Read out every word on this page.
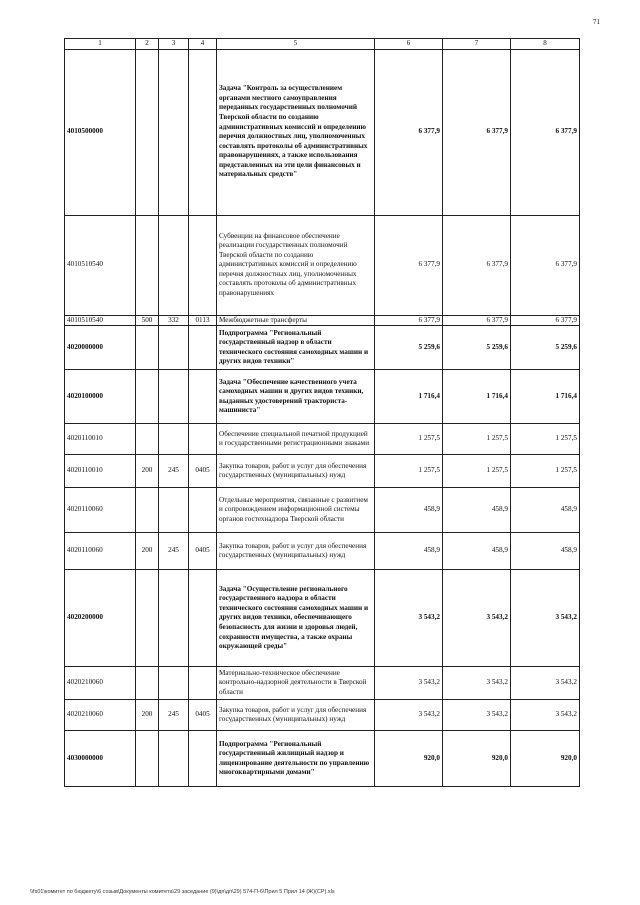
71
1	2	3	4	5	6	7	8
4010500000				Задача "Контроль за осуществлением органами местного самоуправления переданных государственных полномочий Тверской области по созданию административных комиссий и определению перечня должностных лиц, уполномоченных составлять протоколы об административных правонарушениях, а также использования представленных на эти цели финансовых и материальных средств"	6 377,9	6 377,9	6 377,9
4010510540				Субвенции на финансовое обеспечение реализации государственных полномочий Тверской области по созданию административных комиссий и определению перечня должностных лиц, уполномоченных составлять протоколы об административных правонарушениях	6 377,9	6 377,9	6 377,9
4010510540	500	332	0113	Межбюджетные трансферты	6 377,9	6 377,9	6 377,9
4020000000				Подпрограмма "Региональный государственный надзор в области технического состояния самоходных машин и других видов техники"	5 259,6	5 259,6	5 259,6
4020100000				Задача "Обеспечение качественного учета самоходных машин и других видов техники, выданных удостоверений тракториста-машиниста"	1 716,4	1 716,4	1 716,4
4020110010				Обеспечение специальной печатной продукцией и государственными регистрационными знаками	1 257,5	1 257,5	1 257,5
4020110010	200	245	0405	Закупка товаров, работ и услуг для обеспечения государственных (муниципальных) нужд	1 257,5	1 257,5	1 257,5
4020110060				Отдельные мероприятия, связанные с развитием и сопровождением информационной системы органов гостехнадзора Тверской области	458,9	458,9	458,9
4020110060	200	245	0405	Закупка товаров, работ и услуг для обеспечения государственных (муниципальных) нужд	458,9	458,9	458,9
4020200000				Задача "Осуществление регионального государственного надзора в области технического состояния самоходных машин и других видов техники, обеспечивающего безопасность для жизни и здоровья людей, сохранности имущества, а также охраны окружающей среды"	3 543,2	3 543,2	3 543,2
4020210060				Материально-техническое обеспечение контрольно-надзорной деятельности в Тверской области	3 543,2	3 543,2	3 543,2
4020210060	200	245	0405	Закупка товаров, работ и услуг для обеспечения государственных (муниципальных) нужд	3 543,2	3 543,2	3 543,2
4030000000				Подпрограмма "Региональный государственный жилищный надзор и лицензирование деятельности по управлению многоквартирными домами"	920,0	920,0	920,0
\\fs01\комитет по бюджету\6 созыв\Документы комитета\29 заседание (9)\дп\дп\29) 574-П-6\Прил 5 Прил 14 (Ж)(СР).xls
